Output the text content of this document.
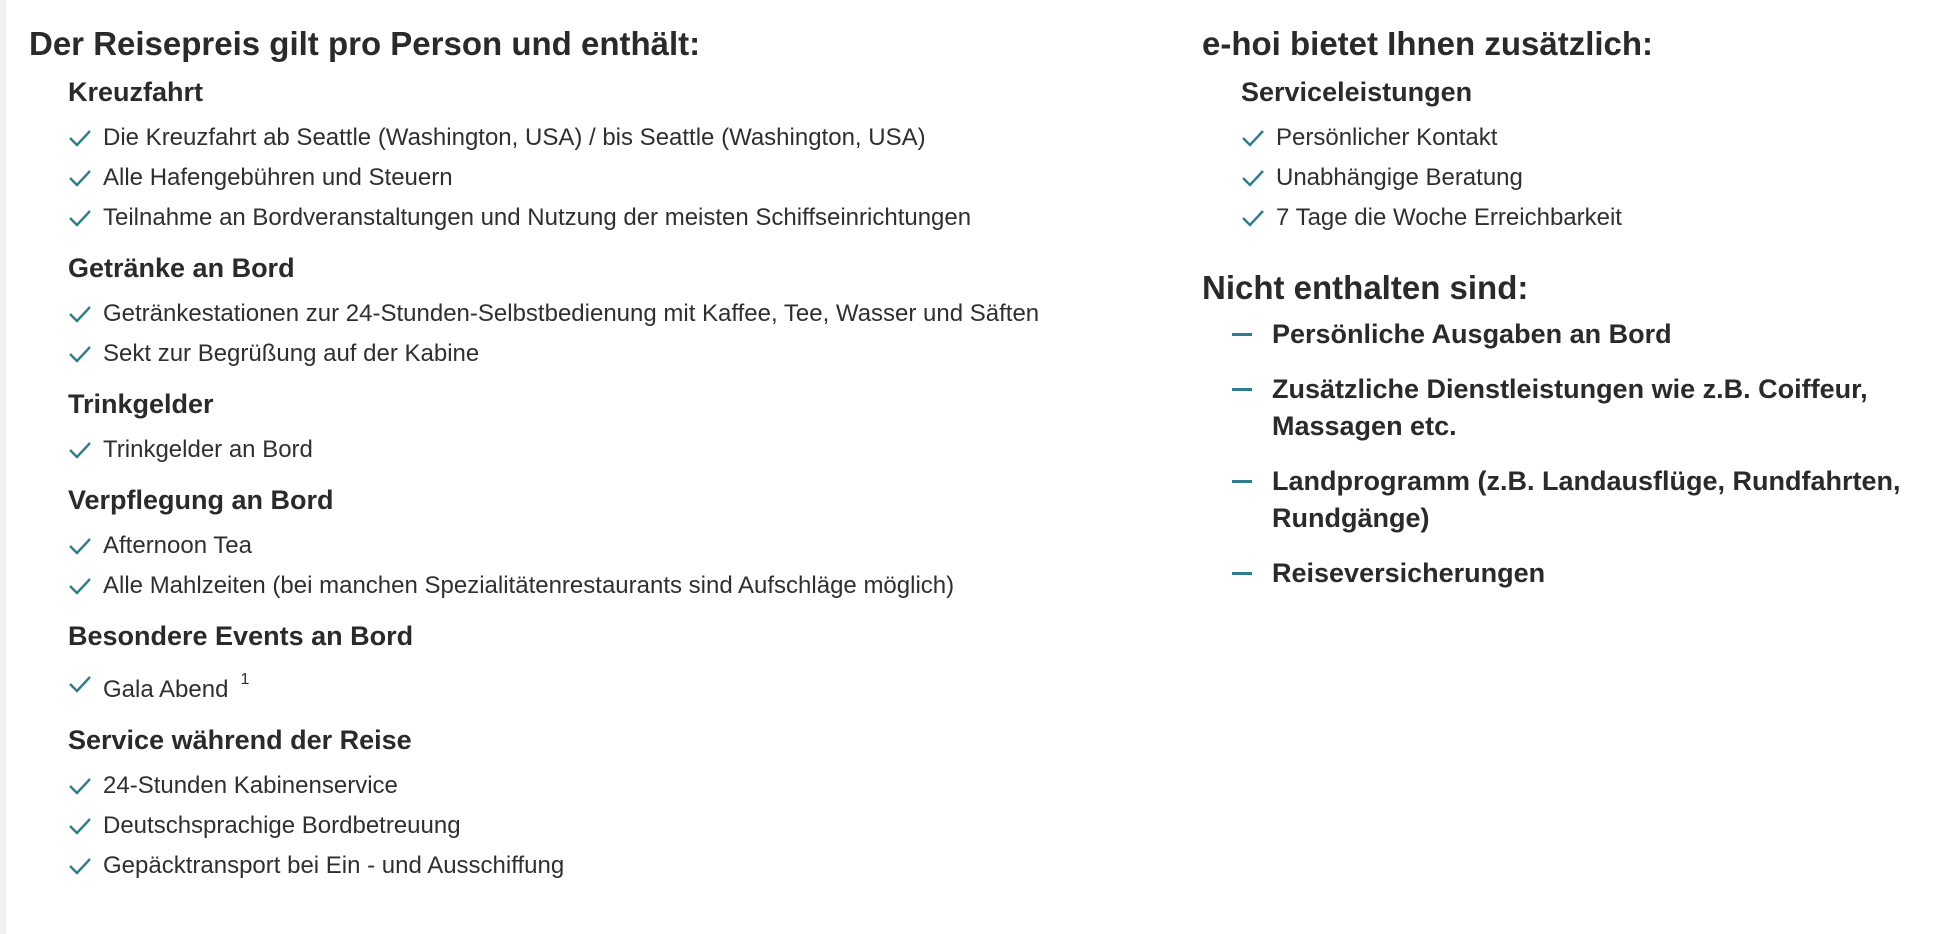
Der Reisepreis gilt pro Person und enthält:
Kreuzfahrt
Die Kreuzfahrt ab Seattle (Washington, USA) / bis Seattle (Washington, USA)
Alle Hafengebühren und Steuern
Teilnahme an Bordveranstaltungen und Nutzung der meisten Schiffseinrichtungen
Getränke an Bord
Getränkestationen zur 24-Stunden-Selbstbedienung mit Kaffee, Tee, Wasser und Säften
Sekt zur Begrüßung auf der Kabine
Trinkgelder
Trinkgelder an Bord
Verpflegung an Bord
Afternoon Tea
Alle Mahlzeiten (bei manchen Spezialitätenrestaurants sind Aufschläge möglich)
Besondere Events an Bord
Gala Abend $^1$
Service während der Reise
24-Stunden Kabinenservice
Deutschsprachige Bordbetreuung
Gepäcktransport bei Ein - und Ausschiffung
e-hoi bietet Ihnen zusätzlich:
Serviceleistungen
Persönlicher Kontakt
Unabhängige Beratung
7 Tage die Woche Erreichbarkeit
Nicht enthalten sind:
Persönliche Ausgaben an Bord
Zusätzliche Dienstleistungen wie z.B. Coiffeur, Massagen etc.
Landprogramm (z.B. Landausflüge, Rundfahrten, Rundgänge)
Reiseversicherungen
